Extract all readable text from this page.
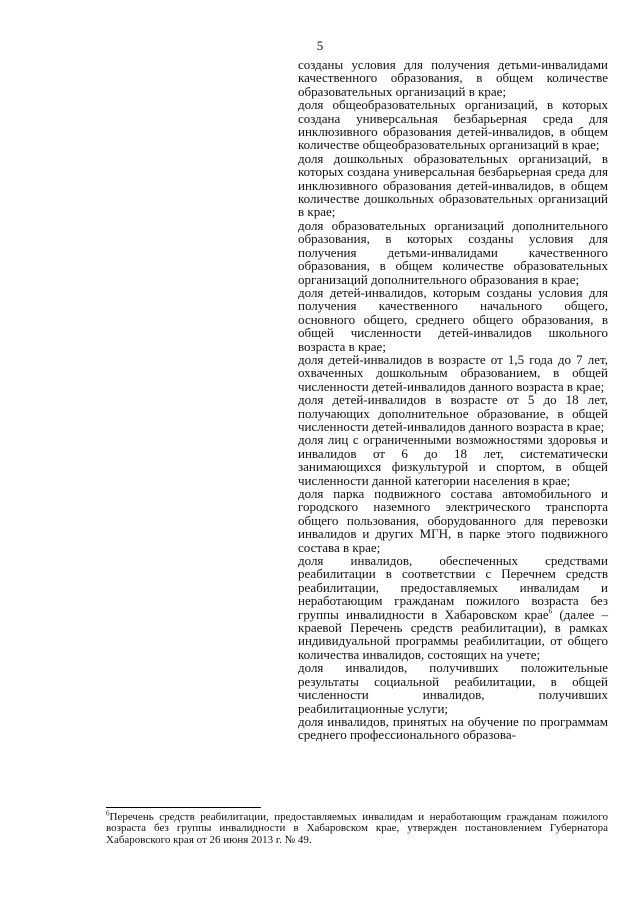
5

созданы условия для получения детьми-инвалидами качественного образования, в общем количестве образовательных организаций в крае;

доля общеобразовательных организаций, в которых создана универсальная безбарьерная среда для инклюзивного образования детей-инвалидов, в общем количестве общеобразовательных организаций в крае;

доля дошкольных образовательных организаций, в которых создана универсальная безбарьерная среда для инклюзивного образования детей-инвалидов, в общем количестве дошкольных образовательных организаций в крае;

доля образовательных организаций дополнительного образования, в которых созданы условия для получения детьми-инвалидами качественного образования, в общем количестве образовательных организаций дополнительного образования в крае;

доля детей-инвалидов, которым созданы условия для получения качественного начального общего, основного общего, среднего общего образования, в общей численности детей-инвалидов школьного возраста в крае;

доля детей-инвалидов в возрасте от 1,5 года до 7 лет, охваченных дошкольным образованием, в общей численности детей-инвалидов данного возраста в крае;

доля детей-инвалидов в возрасте от 5 до 18 лет, получающих дополнительное образование, в общей численности детей-инвалидов данного возраста в крае;

доля лиц с ограниченными возможностями здоровья и инвалидов от 6 до 18 лет, систематически занимающихся физкультурой и спортом, в общей численности данной категории населения в крае;

доля парка подвижного состава автомобильного и городского наземного электрического транспорта общего пользования, оборудованного для перевозки инвалидов и других МГН, в парке этого подвижного состава в крае;

доля инвалидов, обеспеченных средствами реабилитации в соответствии с Перечнем средств реабилитации, предоставляемых инвалидам и неработающим гражданам пожилого возраста без группы инвалидности в Хабаровском крае$^6$ (далее – краевой Перечень средств реабилитации), в рамках индивидуальной программы реабилитации, от общего количества инвалидов, состоящих на учете;

доля инвалидов, получивших положительные результаты социальной реабилитации, в общей численности инвалидов, получивших реабилитационные услуги;

доля инвалидов, принятых на обучение по программам среднего профессионального образова-

$^6$Перечень средств реабилитации, предоставляемых инвалидам и неработающим гражданам пожилого возраста без группы инвалидности в Хабаровском крае, утвержден постановлением Губернатора Хабаровского края от 26 июня 2013 г. № 49.
